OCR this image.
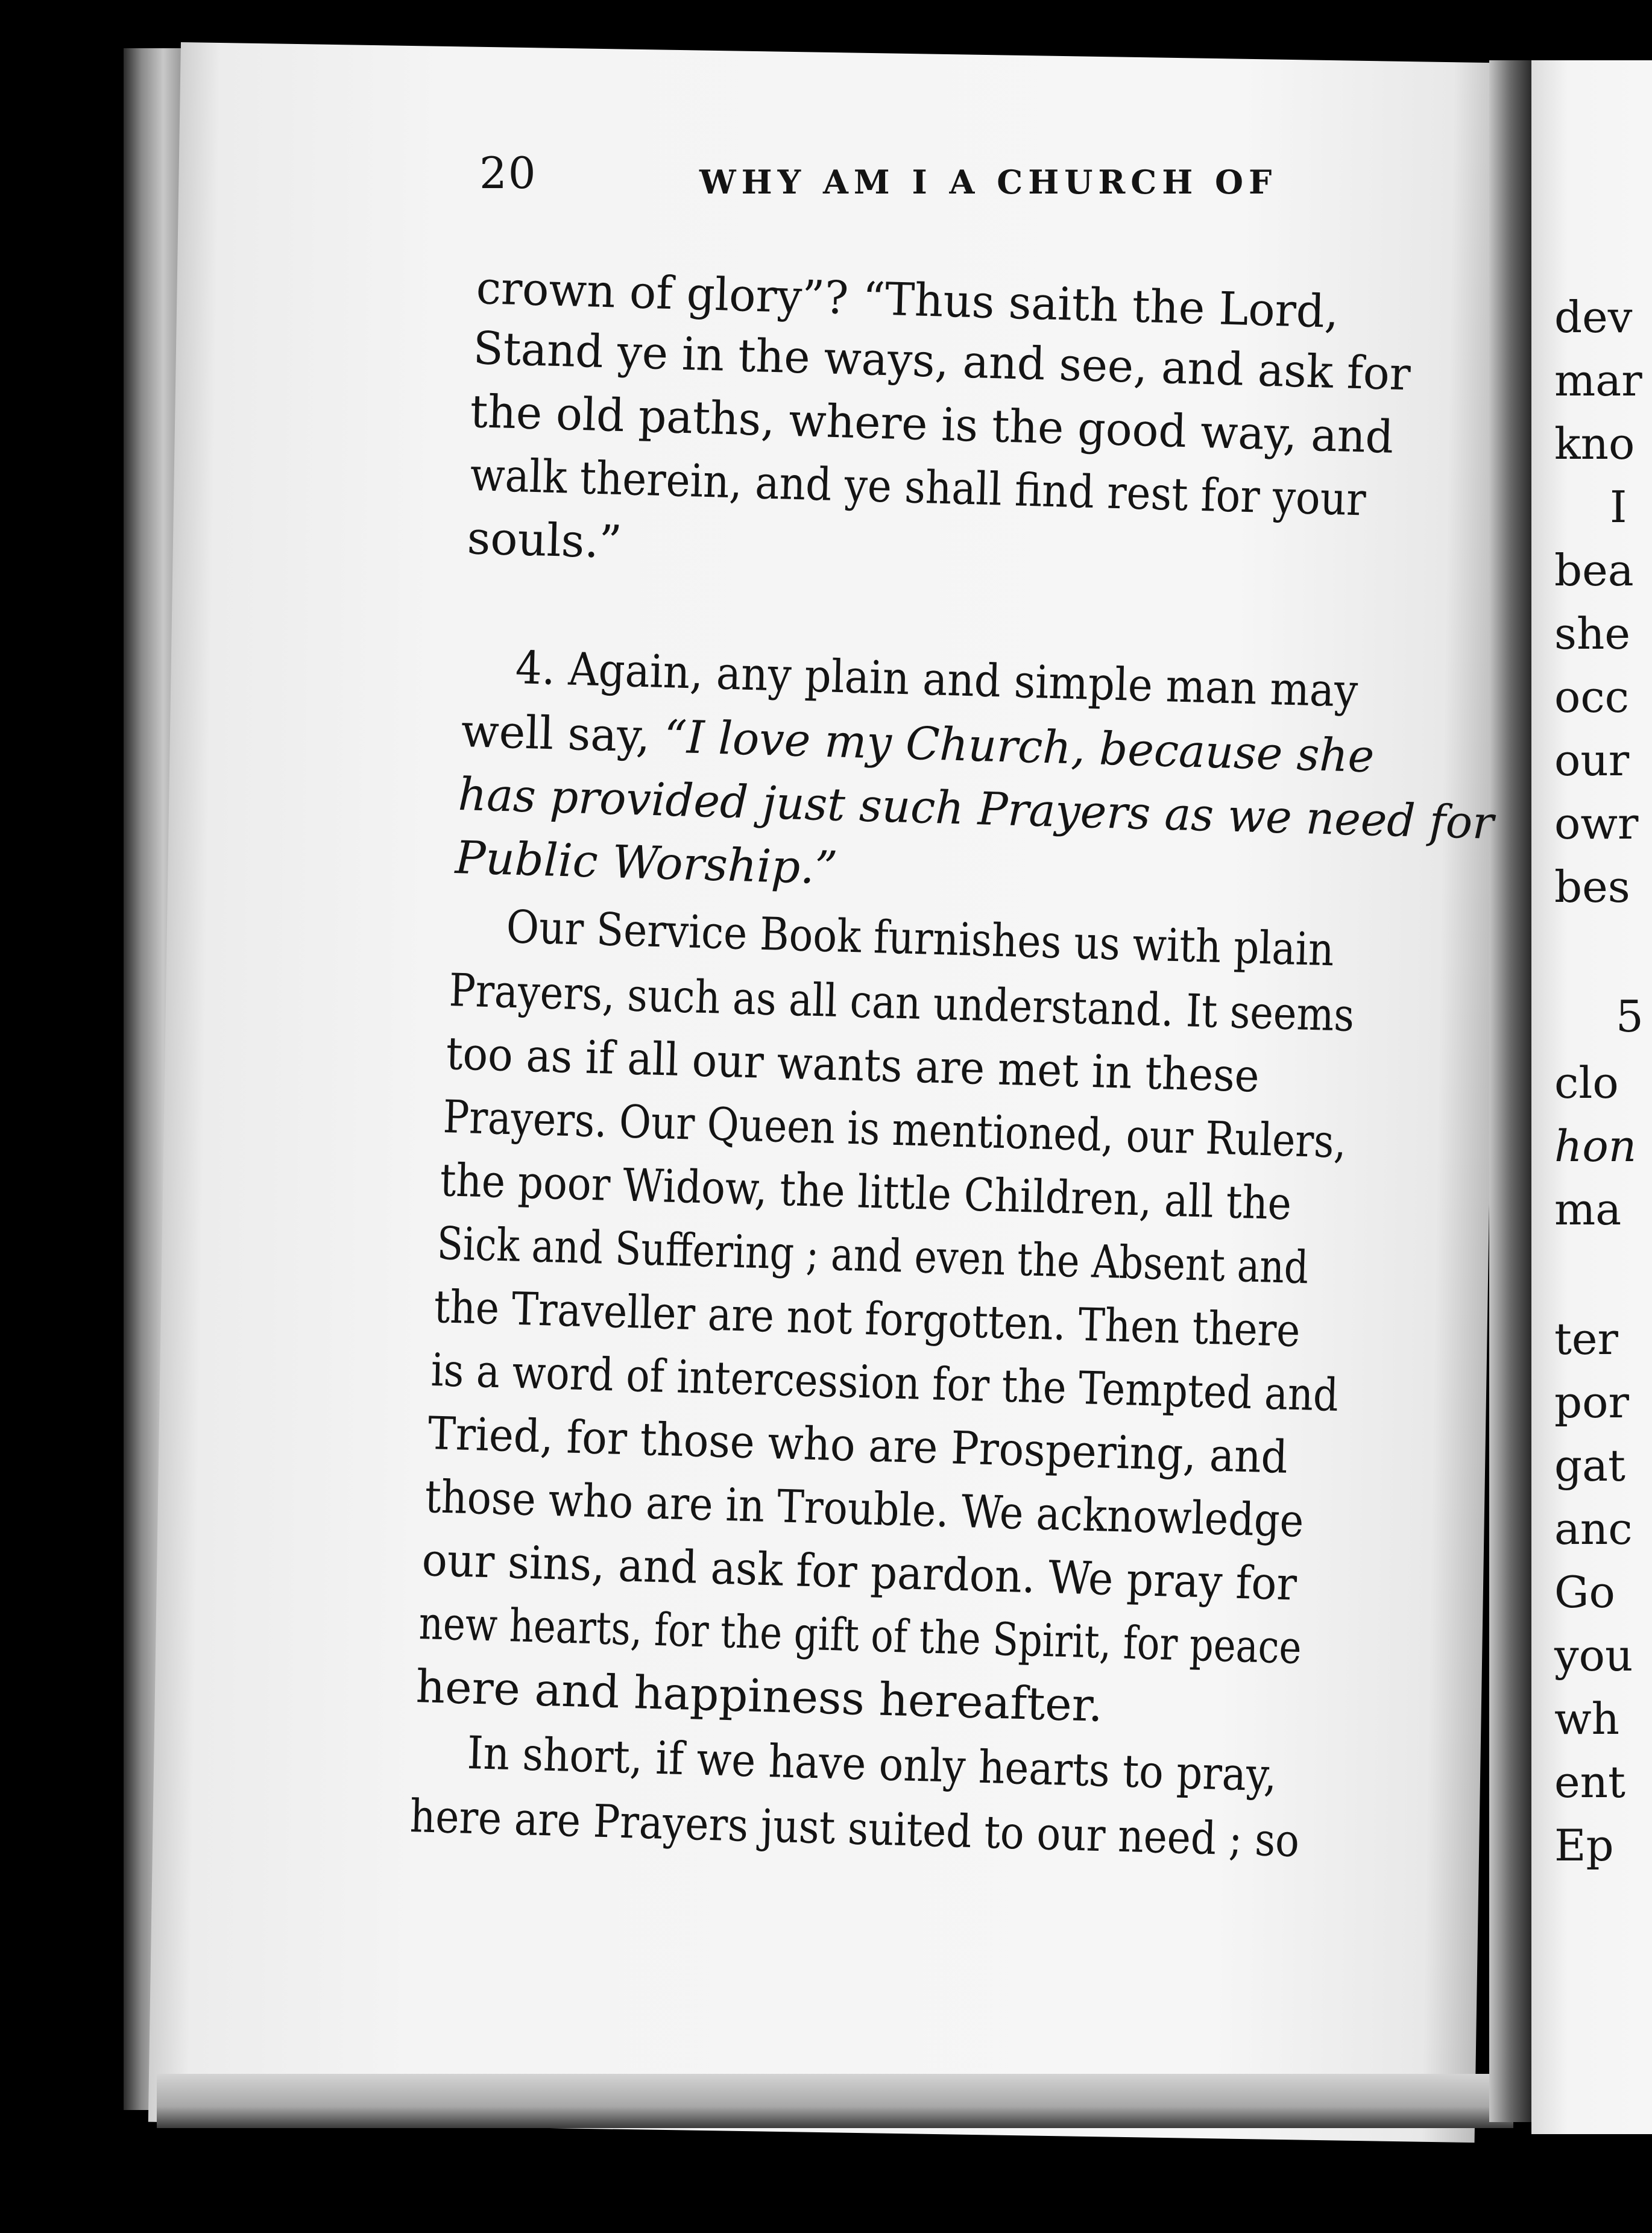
20	WHY AM I A CHURCH OF
crown of glory”? “Thus saith the Lord,
Stand ye in the ways, and see, and ask for
the old paths, where is the good way, and
walk therein, and ye shall find rest for your
souls.”
4. Again, any plain and simple man may
well say, “I love my Church, because she
has provided just such Prayers as we need for
Public Worship.”
Our Service Book furnishes us with plain
Prayers, such as all can understand. It seems
too as if all our wants are met in these
Prayers. Our Queen is mentioned, our Rulers,
the poor Widow, the little Children, all the
Sick and Suffering ; and even the Absent and
the Traveller are not forgotten. Then there
is a word of intercession for the Tempted and
Tried, for those who are Prospering, and
those who are in Trouble. We acknowledge
our sins, and ask for pardon. We pray for
new hearts, for the gift of the Spirit, for peace
here and happiness hereafter.
In short, if we have only hearts to pray,
here are Prayers just suited to our need ; so
dev
mar
kno
I
bea
she
occ
our
owr
bes
5
clo
hon
ma
ter
por
gat
anc
Go
you
wh
ent
Ep
